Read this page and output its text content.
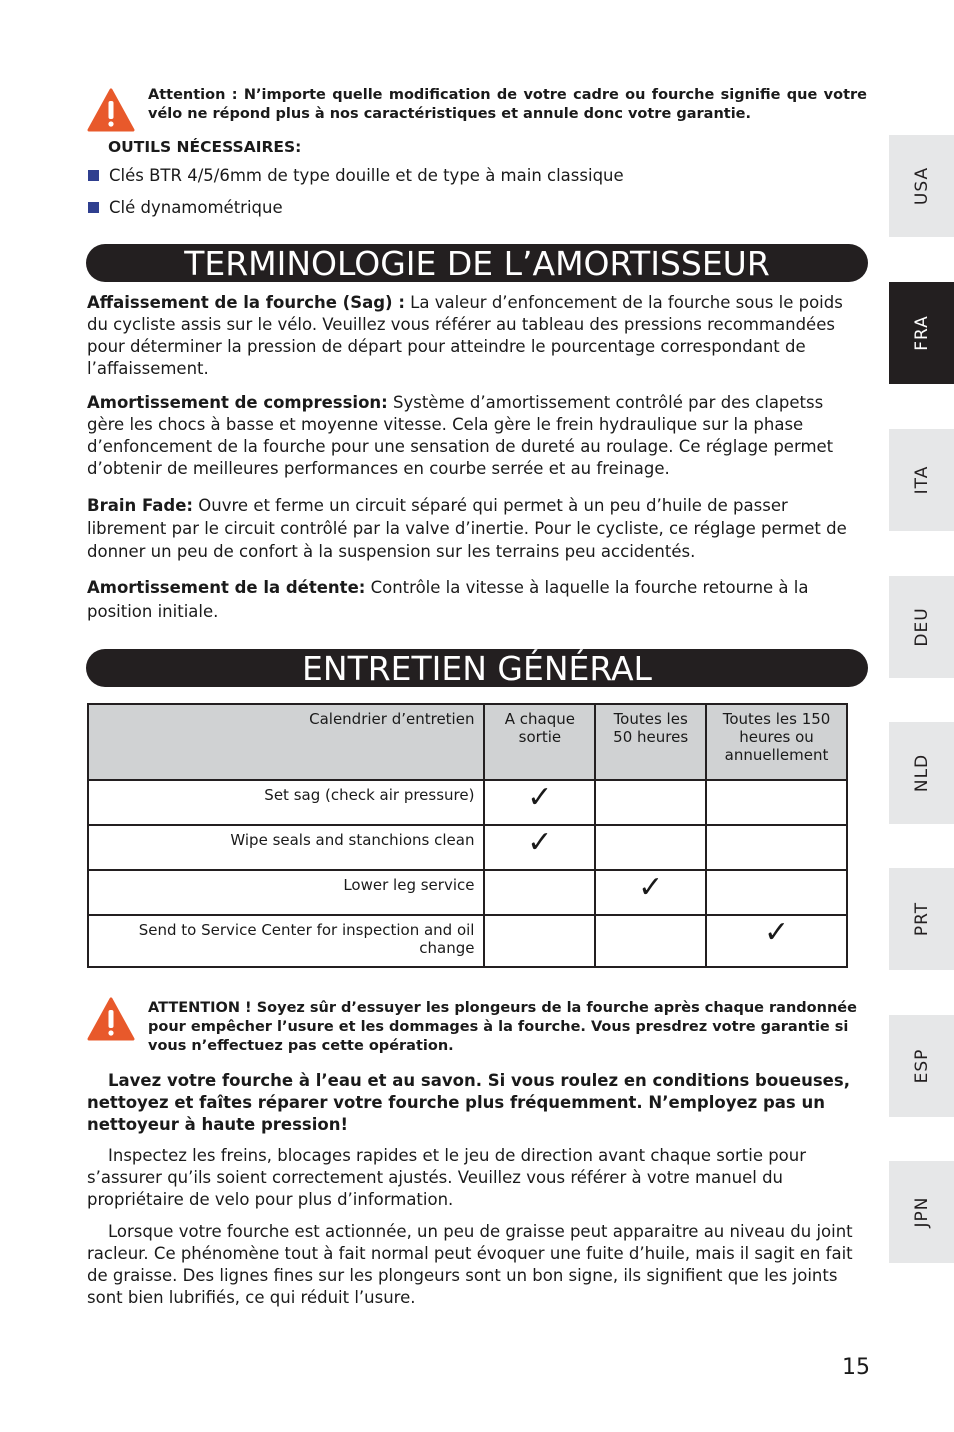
Attention : N’importe quelle modification de votre cadre ou fourche signifie que votre vélo ne répond plus à nos caractéristiques et annule donc votre garantie.
OUTILS NÉCESSAIRES:
Clés BTR 4/5/6mm de type douille et de type à main classique
Clé dynamométrique
TERMINOLOGIE DE L’AMORTISSEUR
Affaissement de la fourche (Sag) : La valeur d’enfoncement de la fourche sous le poids du cycliste assis sur le vélo. Veuillez vous référer au tableau des pressions recommandées pour déterminer la pression de départ pour atteindre le pourcentage correspondant de l’affaissement.
Amortissement de compression: Système d’amortissement contrôlé par des clapetss gère les chocs à basse et moyenne vitesse. Cela gère le frein hydraulique sur la phase d’enfoncement de la fourche pour une sensation de dureté au roulage. Ce réglage permet d’obtenir de meilleures performances en courbe serrée et au freinage.
Brain Fade: Ouvre et ferme un circuit séparé qui permet à un peu d’huile de passer librement par le circuit contrôlé par la valve d’inertie. Pour le cycliste, ce réglage permet de donner un peu de confort à la suspension sur les terrains peu accidentés.
Amortissement de la détente: Contrôle la vitesse à laquelle la fourche retourne à la position initiale.
ENTRETIEN GÉNÉRAL
Calendrier d’entretien	A chaque sortie	Toutes les 50 heures	Toutes les 150 heures ou annuellement
Set sag (check air pressure)	✓		
Wipe seals and stanchions clean	✓		
Lower leg service		✓	
Send to Service Center for inspection and oil change			✓
ATTENTION ! Soyez sûr d’essuyer les plongeurs de la fourche après chaque randonnée pour empêcher l’usure et les dommages à la fourche. Vous presdrez votre garantie si vous n’effectuez pas cette opération.
Lavez votre fourche à l’eau et au savon. Si vous roulez en conditions boueuses, nettoyez et faîtes réparer votre fourche plus fréquemment. N’employez pas un nettoyeur à haute pression!
Inspectez les freins, blocages rapides et le jeu de direction avant chaque sortie pour s’assurer qu’ils soient correctement ajustés. Veuillez vous référer à votre manuel du propriétaire de velo pour plus d’information.
Lorsque votre fourche est actionnée, un peu de graisse peut apparaitre au niveau du joint racleur. Ce phénomène tout à fait normal peut évoquer une fuite d’huile, mais il sagit en fait de graisse. Des lignes fines sur les plongeurs sont un bon signe, ils signifient que les joints sont bien lubrifiés, ce qui réduit l’usure.
USA
FRA
ITA
DEU
NLD
PRT
ESP
JPN
15
